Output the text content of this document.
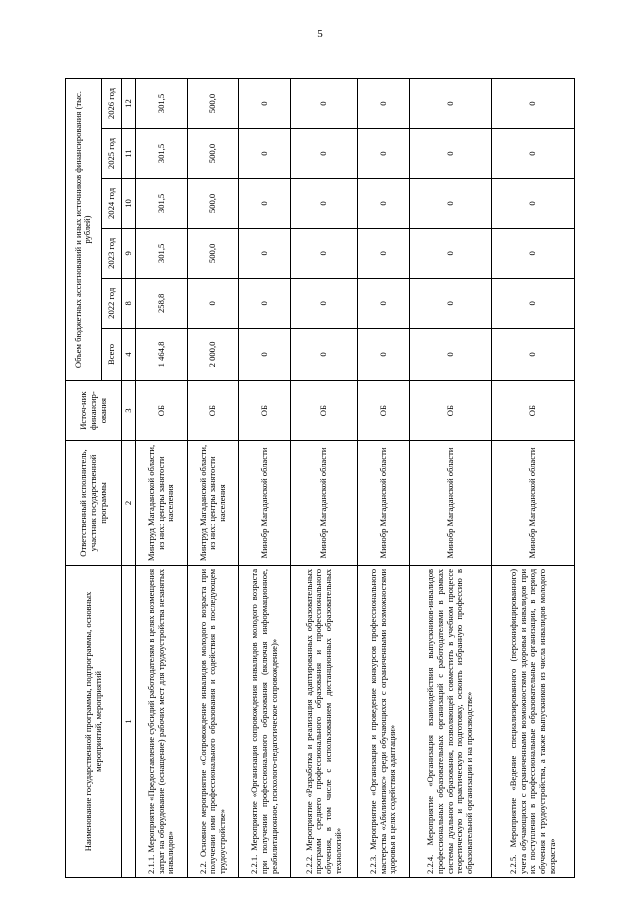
5
Наименование государственной программы, подпрограммы, основных мероприятий, мероприятий	Ответственный исполнитель, участник государственной программы	Источ-ник финансир-ования	Объем бюджетных ассигнований и иных источников финансирования (тыс. рублей)					
			Всего	2022 год	2023 год	2024 год	2025 год	2026 год
1	2	3	4	8	9	10	11	12
2.1.1. Мероприятие «Предоставление субсидий работодателям в целях возмещения затрат на оборудование (оснащение) рабочих мест для трудоустройства незанятых инвалидов»	Минтруд Магаданской области, из них: центры занятости населения	ОБ	1 464,8	258,8	301,5	301,5	301,5	301,5
2.2. Основное мероприятие «Сопровождение инвалидов молодого возраста при получении ими профессионального образования и содействия в последующем трудоустройстве»	Минтруд Магаданской области, из них: центры занятости населения	ОБ	2 000,0	0	500,0	500,0	500,0	500,0
2.2.1. Мероприятие «Организация сопровождения инвалидов молодого возраста при получении профессионального образования (включая информационное, реабилитационное, психолого-педагогическое сопровождение)»	Минобр Магаданской области	ОБ	0	0	0	0	0	0
2.2.2. Мероприятие «Разработка и реализация адаптированных образовательных программ среднего профессионального образования и профессионального обучения, в том числе с использованием дистанционных образовательных технологий»	Минобр Магаданской области	ОБ	0	0	0	0	0	0
2.2.3. Мероприятие «Организация и проведение конкурсов профессионального мастерства «Абилимпикс» среди обучающихся с ограниченными возможностями здоровья в целях содействия адаптации»	Минобр Магаданской области	ОБ	0	0	0	0	0	0
2.2.4. Мероприятие «Организация взаимодействия выпускников-инвалидов профессиональных образовательных организаций с работодателями в рамках системы дуального образования, позволяющей совместить в учебном процессе теоретическую и практическую подготовку, освоить избранную профессию в образовательной организации и на производстве»	Минобр Магаданской области	ОБ	0	0	0	0	0	0
2.2.5. Мероприятие «Ведение специализированного (персонифицированного) учета обучающихся с ограниченными возможностями здоровья и инвалидов при их поступлении в профессиональные образовательные организации, в период обучения и трудоустройства, а также выпускников из числа инвалидов молодого возраста»	Минобр Магаданской области	ОБ	0	0	0	0	0	0
